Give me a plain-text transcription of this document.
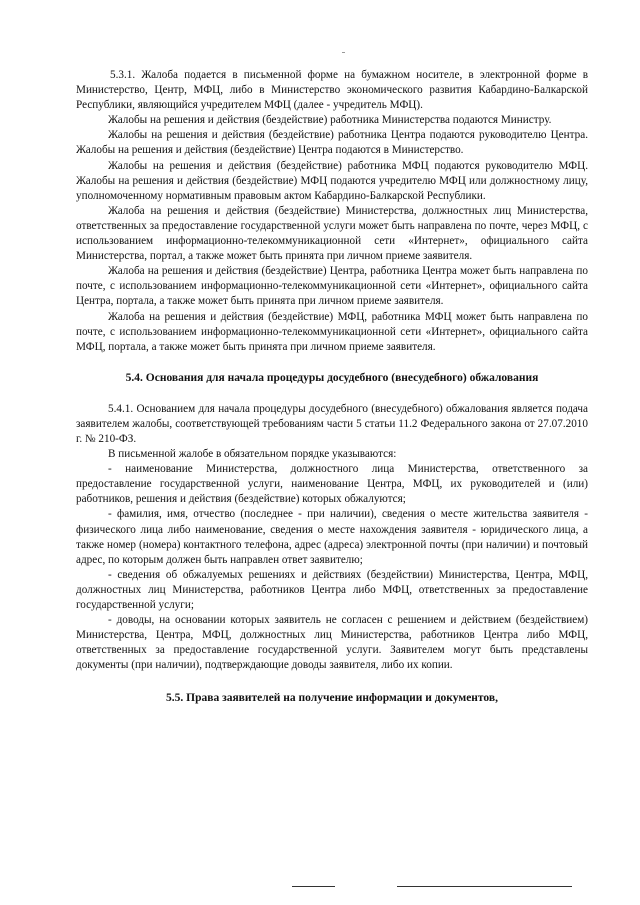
5.3.1. Жалоба подается в письменной форме на бумажном носителе, в электронной форме в Министерство, Центр, МФЦ, либо в Министерство экономического развития Кабардино-Балкарской Республики, являющийся учредителем МФЦ (далее - учредитель МФЦ).

Жалобы на решения и действия (бездействие) работника Министерства подаются Министру.

Жалобы на решения и действия (бездействие) работника Центра подаются руководителю Центра. Жалобы на решения и действия (бездействие) Центра подаются в Министерство.

Жалобы на решения и действия (бездействие) работника МФЦ подаются руководителю МФЦ. Жалобы на решения и действия (бездействие) МФЦ подаются учредителю МФЦ или должностному лицу, уполномоченному нормативным правовым актом Кабардино-Балкарской Республики.

Жалоба на решения и действия (бездействие) Министерства, должностных лиц Министерства, ответственных за предоставление государственной услуги может быть направлена по почте, через МФЦ, с использованием информационно-телекоммуникационной сети «Интернет», официального сайта Министерства, портал, а также может быть принята при личном приеме заявителя.

Жалоба на решения и действия (бездействие) Центра, работника Центра может быть направлена по почте, с использованием информационно-телекоммуникационной сети «Интернет», официального сайта Центра, портала, а также может быть принята при личном приеме заявителя.

Жалоба на решения и действия (бездействие) МФЦ, работника МФЦ может быть направлена по почте, с использованием информационно-телекоммуникационной сети «Интернет», официального сайта МФЦ, портала, а также может быть принята при личном приеме заявителя.

5.4. Основания для начала процедуры досудебного (внесудебного) обжалования

5.4.1. Основанием для начала процедуры досудебного (внесудебного) обжалования является подача заявителем жалобы, соответствующей требованиям части 5 статьи 11.2 Федерального закона от 27.07.2010 г. № 210-ФЗ.

В письменной жалобе в обязательном порядке указываются:

- наименование Министерства, должностного лица Министерства, ответственного за предоставление государственной услуги, наименование Центра, МФЦ, их руководителей и (или) работников, решения и действия (бездействие) которых обжалуются;

- фамилия, имя, отчество (последнее - при наличии), сведения о месте жительства заявителя - физического лица либо наименование, сведения о месте нахождения заявителя - юридического лица, а также номер (номера) контактного телефона, адрес (адреса) электронной почты (при наличии) и почтовый адрес, по которым должен быть направлен ответ заявителю;

- сведения об обжалуемых решениях и действиях (бездействии) Министерства, Центра, МФЦ, должностных лиц Министерства, работников Центра либо МФЦ, ответственных за предоставление государственной услуги;

- доводы, на основании которых заявитель не согласен с решением и действием (бездействием) Министерства, Центра, МФЦ, должностных лиц Министерства, работников Центра либо МФЦ, ответственных за предоставление государственной услуги. Заявителем могут быть представлены документы (при наличии), подтверждающие доводы заявителя, либо их копии.

5.5. Права заявителей на получение информации и документов,
